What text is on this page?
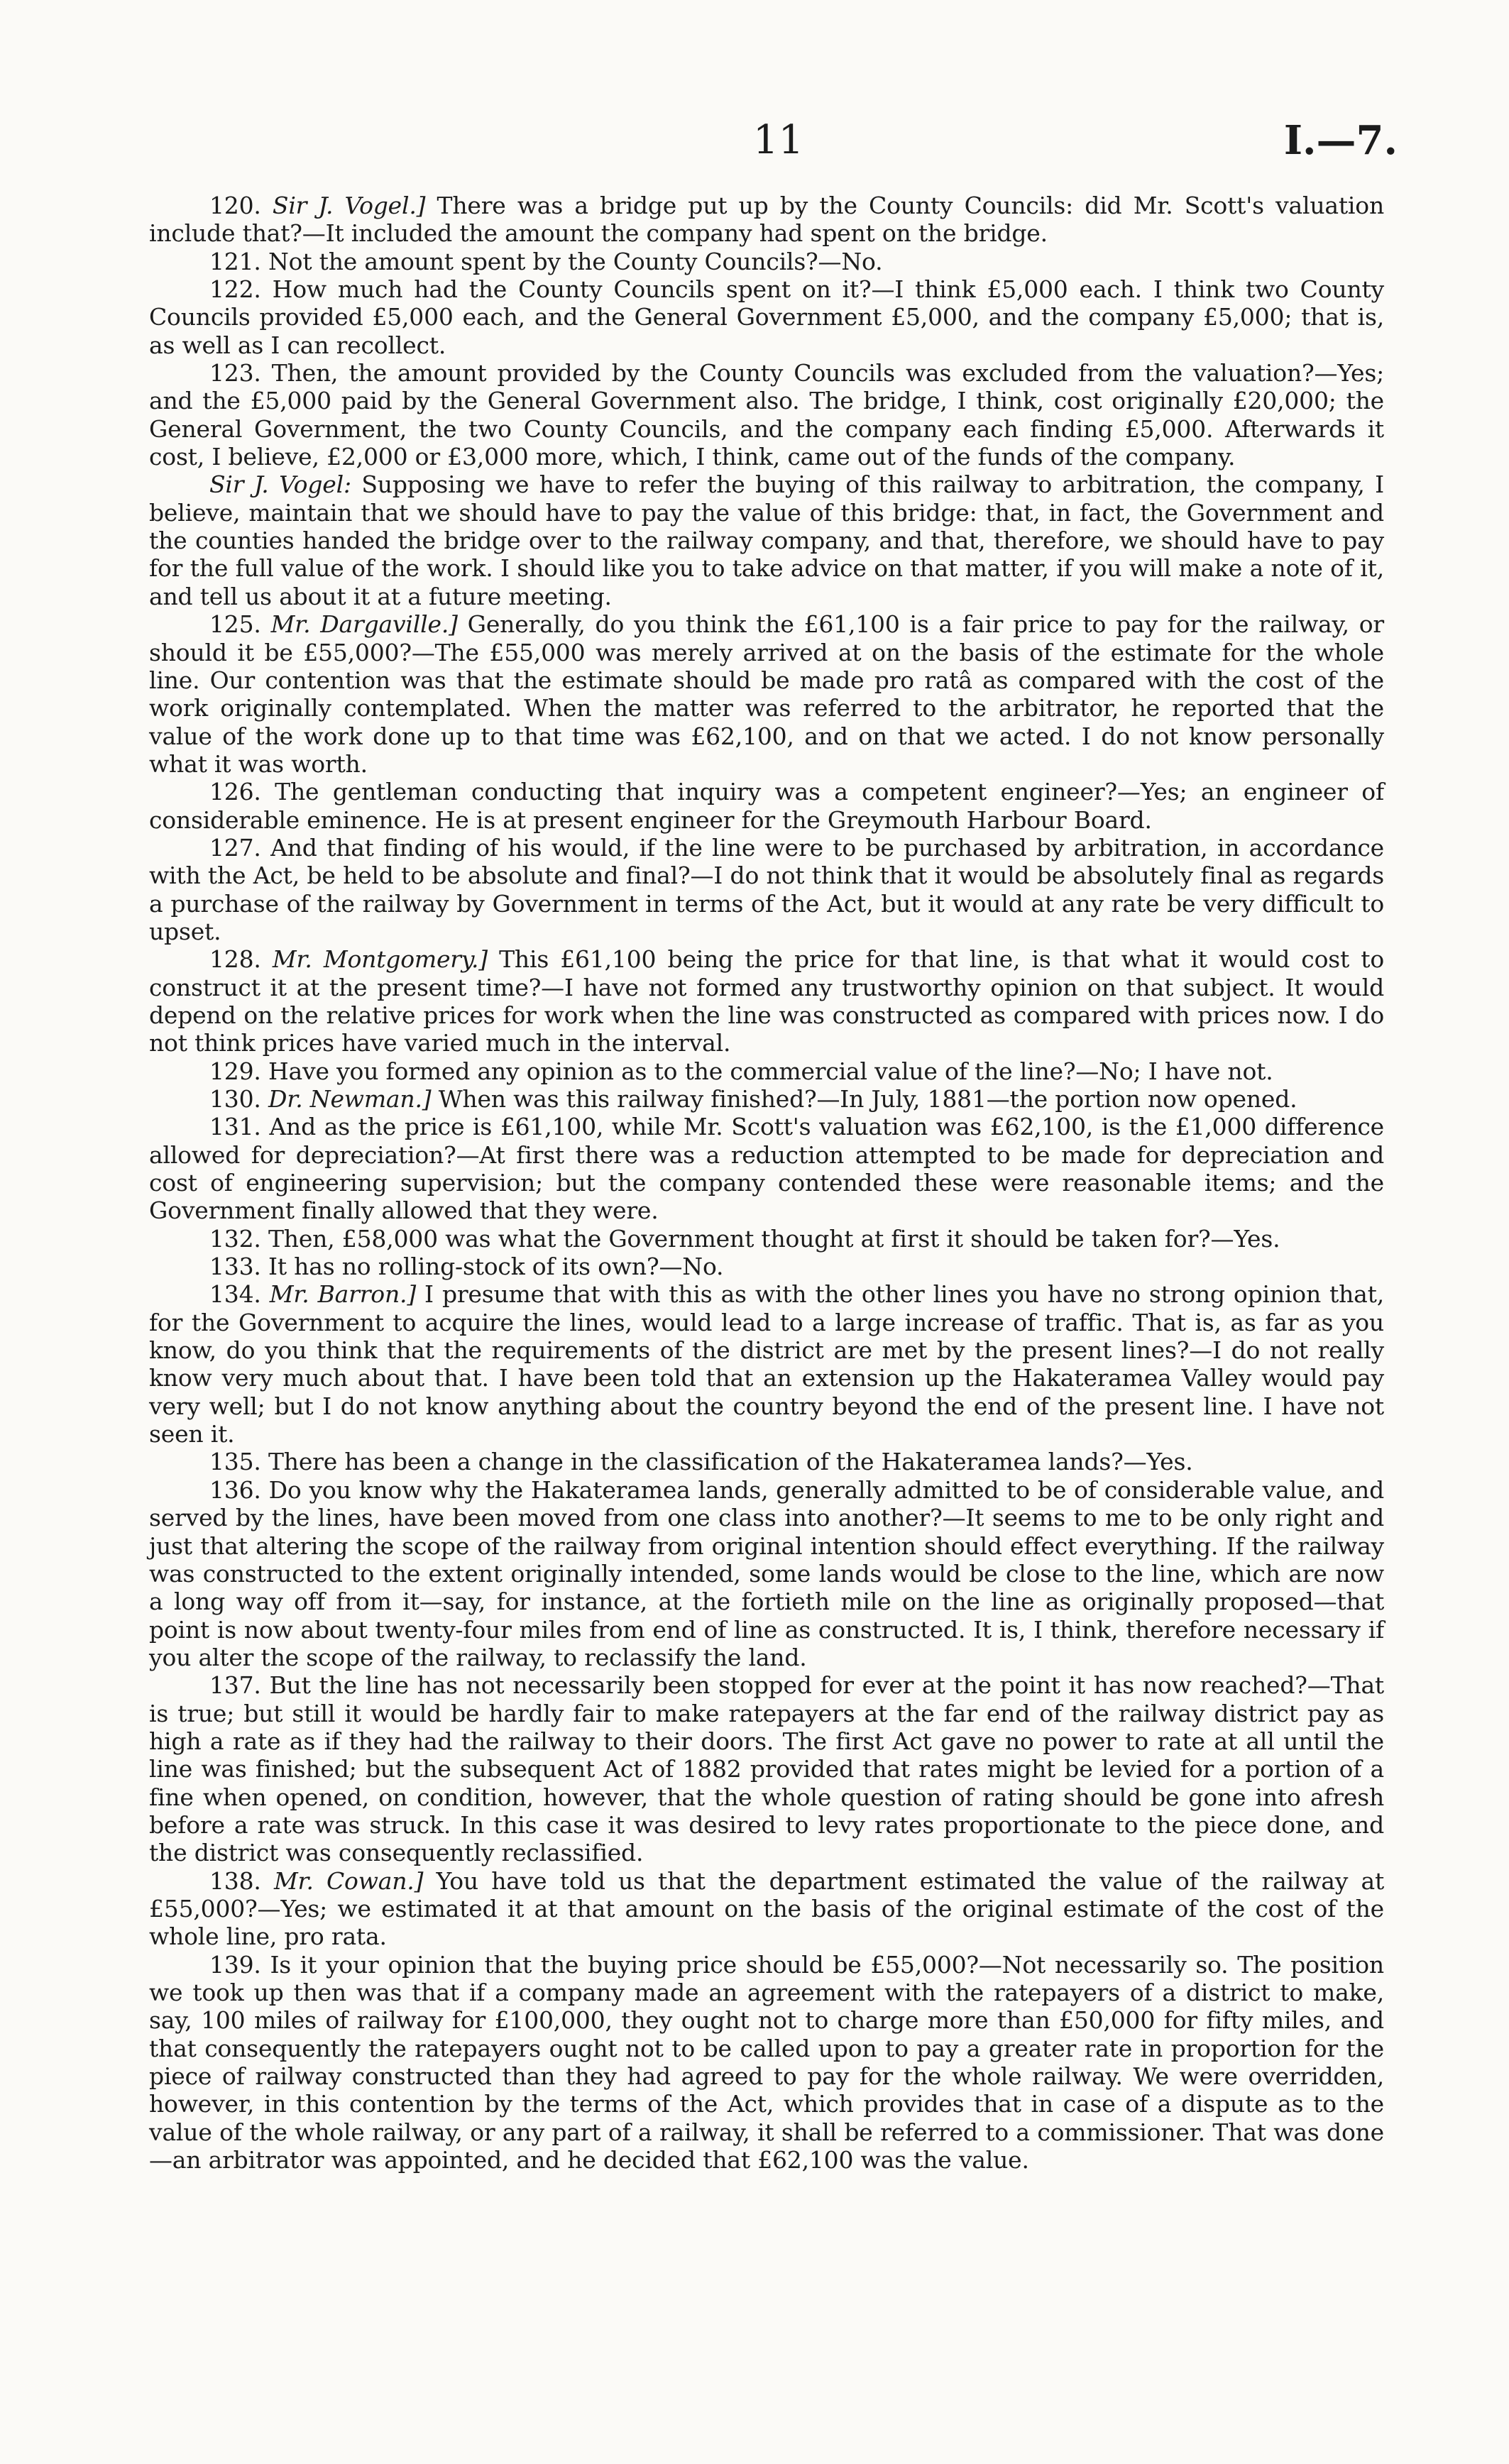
11	I.—7.

120. Sir J. Vogel.] There was a bridge put up by the County Councils: did Mr. Scott's valuation include that?—It included the amount the company had spent on the bridge.

121. Not the amount spent by the County Councils?—No.

122. How much had the County Councils spent on it?—I think £5,000 each. I think two County Councils provided £5,000 each, and the General Government £5,000, and the company £5,000; that is, as well as I can recollect.

123. Then, the amount provided by the County Councils was excluded from the valuation?—Yes; and the £5,000 paid by the General Government also. The bridge, I think, cost originally £20,000; the General Government, the two County Councils, and the company each finding £5,000. Afterwards it cost, I believe, £2,000 or £3,000 more, which, I think, came out of the funds of the company.

Sir J. Vogel: Supposing we have to refer the buying of this railway to arbitration, the company, I believe, maintain that we should have to pay the value of this bridge: that, in fact, the Government and the counties handed the bridge over to the railway company, and that, therefore, we should have to pay for the full value of the work. I should like you to take advice on that matter, if you will make a note of it, and tell us about it at a future meeting.

125. Mr. Dargaville.] Generally, do you think the £61,100 is a fair price to pay for the railway, or should it be £55,000?—The £55,000 was merely arrived at on the basis of the estimate for the whole line. Our contention was that the estimate should be made pro ratâ as compared with the cost of the work originally contemplated. When the matter was referred to the arbitrator, he reported that the value of the work done up to that time was £62,100, and on that we acted. I do not know personally what it was worth.

126. The gentleman conducting that inquiry was a competent engineer?—Yes; an engineer of considerable eminence. He is at present engineer for the Greymouth Harbour Board.

127. And that finding of his would, if the line were to be purchased by arbitration, in accordance with the Act, be held to be absolute and final?—I do not think that it would be absolutely final as regards a purchase of the railway by Government in terms of the Act, but it would at any rate be very difficult to upset.

128. Mr. Montgomery.] This £61,100 being the price for that line, is that what it would cost to construct it at the present time?—I have not formed any trustworthy opinion on that subject. It would depend on the relative prices for work when the line was constructed as compared with prices now. I do not think prices have varied much in the interval.

129. Have you formed any opinion as to the commercial value of the line?—No; I have not.

130. Dr. Newman.] When was this railway finished?—In July, 1881—the portion now opened.

131. And as the price is £61,100, while Mr. Scott's valuation was £62,100, is the £1,000 difference allowed for depreciation?—At first there was a reduction attempted to be made for depreciation and cost of engineering supervision; but the company contended these were reasonable items; and the Government finally allowed that they were.

132. Then, £58,000 was what the Government thought at first it should be taken for?—Yes.

133. It has no rolling-stock of its own?—No.

134. Mr. Barron.] I presume that with this as with the other lines you have no strong opinion that, for the Government to acquire the lines, would lead to a large increase of traffic. That is, as far as you know, do you think that the requirements of the district are met by the present lines?—I do not really know very much about that. I have been told that an extension up the Hakateramea Valley would pay very well; but I do not know anything about the country beyond the end of the present line. I have not seen it.

135. There has been a change in the classification of the Hakateramea lands?—Yes.

136. Do you know why the Hakateramea lands, generally admitted to be of considerable value, and served by the lines, have been moved from one class into another?—It seems to me to be only right and just that altering the scope of the railway from original intention should effect everything. If the railway was constructed to the extent originally intended, some lands would be close to the line, which are now a long way off from it—say, for instance, at the fortieth mile on the line as originally proposed—that point is now about twenty-four miles from end of line as constructed. It is, I think, therefore necessary if you alter the scope of the railway, to reclassify the land.

137. But the line has not necessarily been stopped for ever at the point it has now reached?—That is true; but still it would be hardly fair to make ratepayers at the far end of the railway district pay as high a rate as if they had the railway to their doors. The first Act gave no power to rate at all until the line was finished; but the subsequent Act of 1882 provided that rates might be levied for a portion of a fine when opened, on condition, however, that the whole question of rating should be gone into afresh before a rate was struck. In this case it was desired to levy rates proportionate to the piece done, and the district was consequently reclassified.

138. Mr. Cowan.] You have told us that the department estimated the value of the railway at £55,000?—Yes; we estimated it at that amount on the basis of the original estimate of the cost of the whole line, pro rata.

139. Is it your opinion that the buying price should be £55,000?—Not necessarily so. The position we took up then was that if a company made an agreement with the ratepayers of a district to make, say, 100 miles of railway for £100,000, they ought not to charge more than £50,000 for fifty miles, and that consequently the ratepayers ought not to be called upon to pay a greater rate in proportion for the piece of railway constructed than they had agreed to pay for the whole railway. We were overridden, however, in this contention by the terms of the Act, which provides that in case of a dispute as to the value of the whole railway, or any part of a railway, it shall be referred to a commissioner. That was done—an arbitrator was appointed, and he decided that £62,100 was the value.
